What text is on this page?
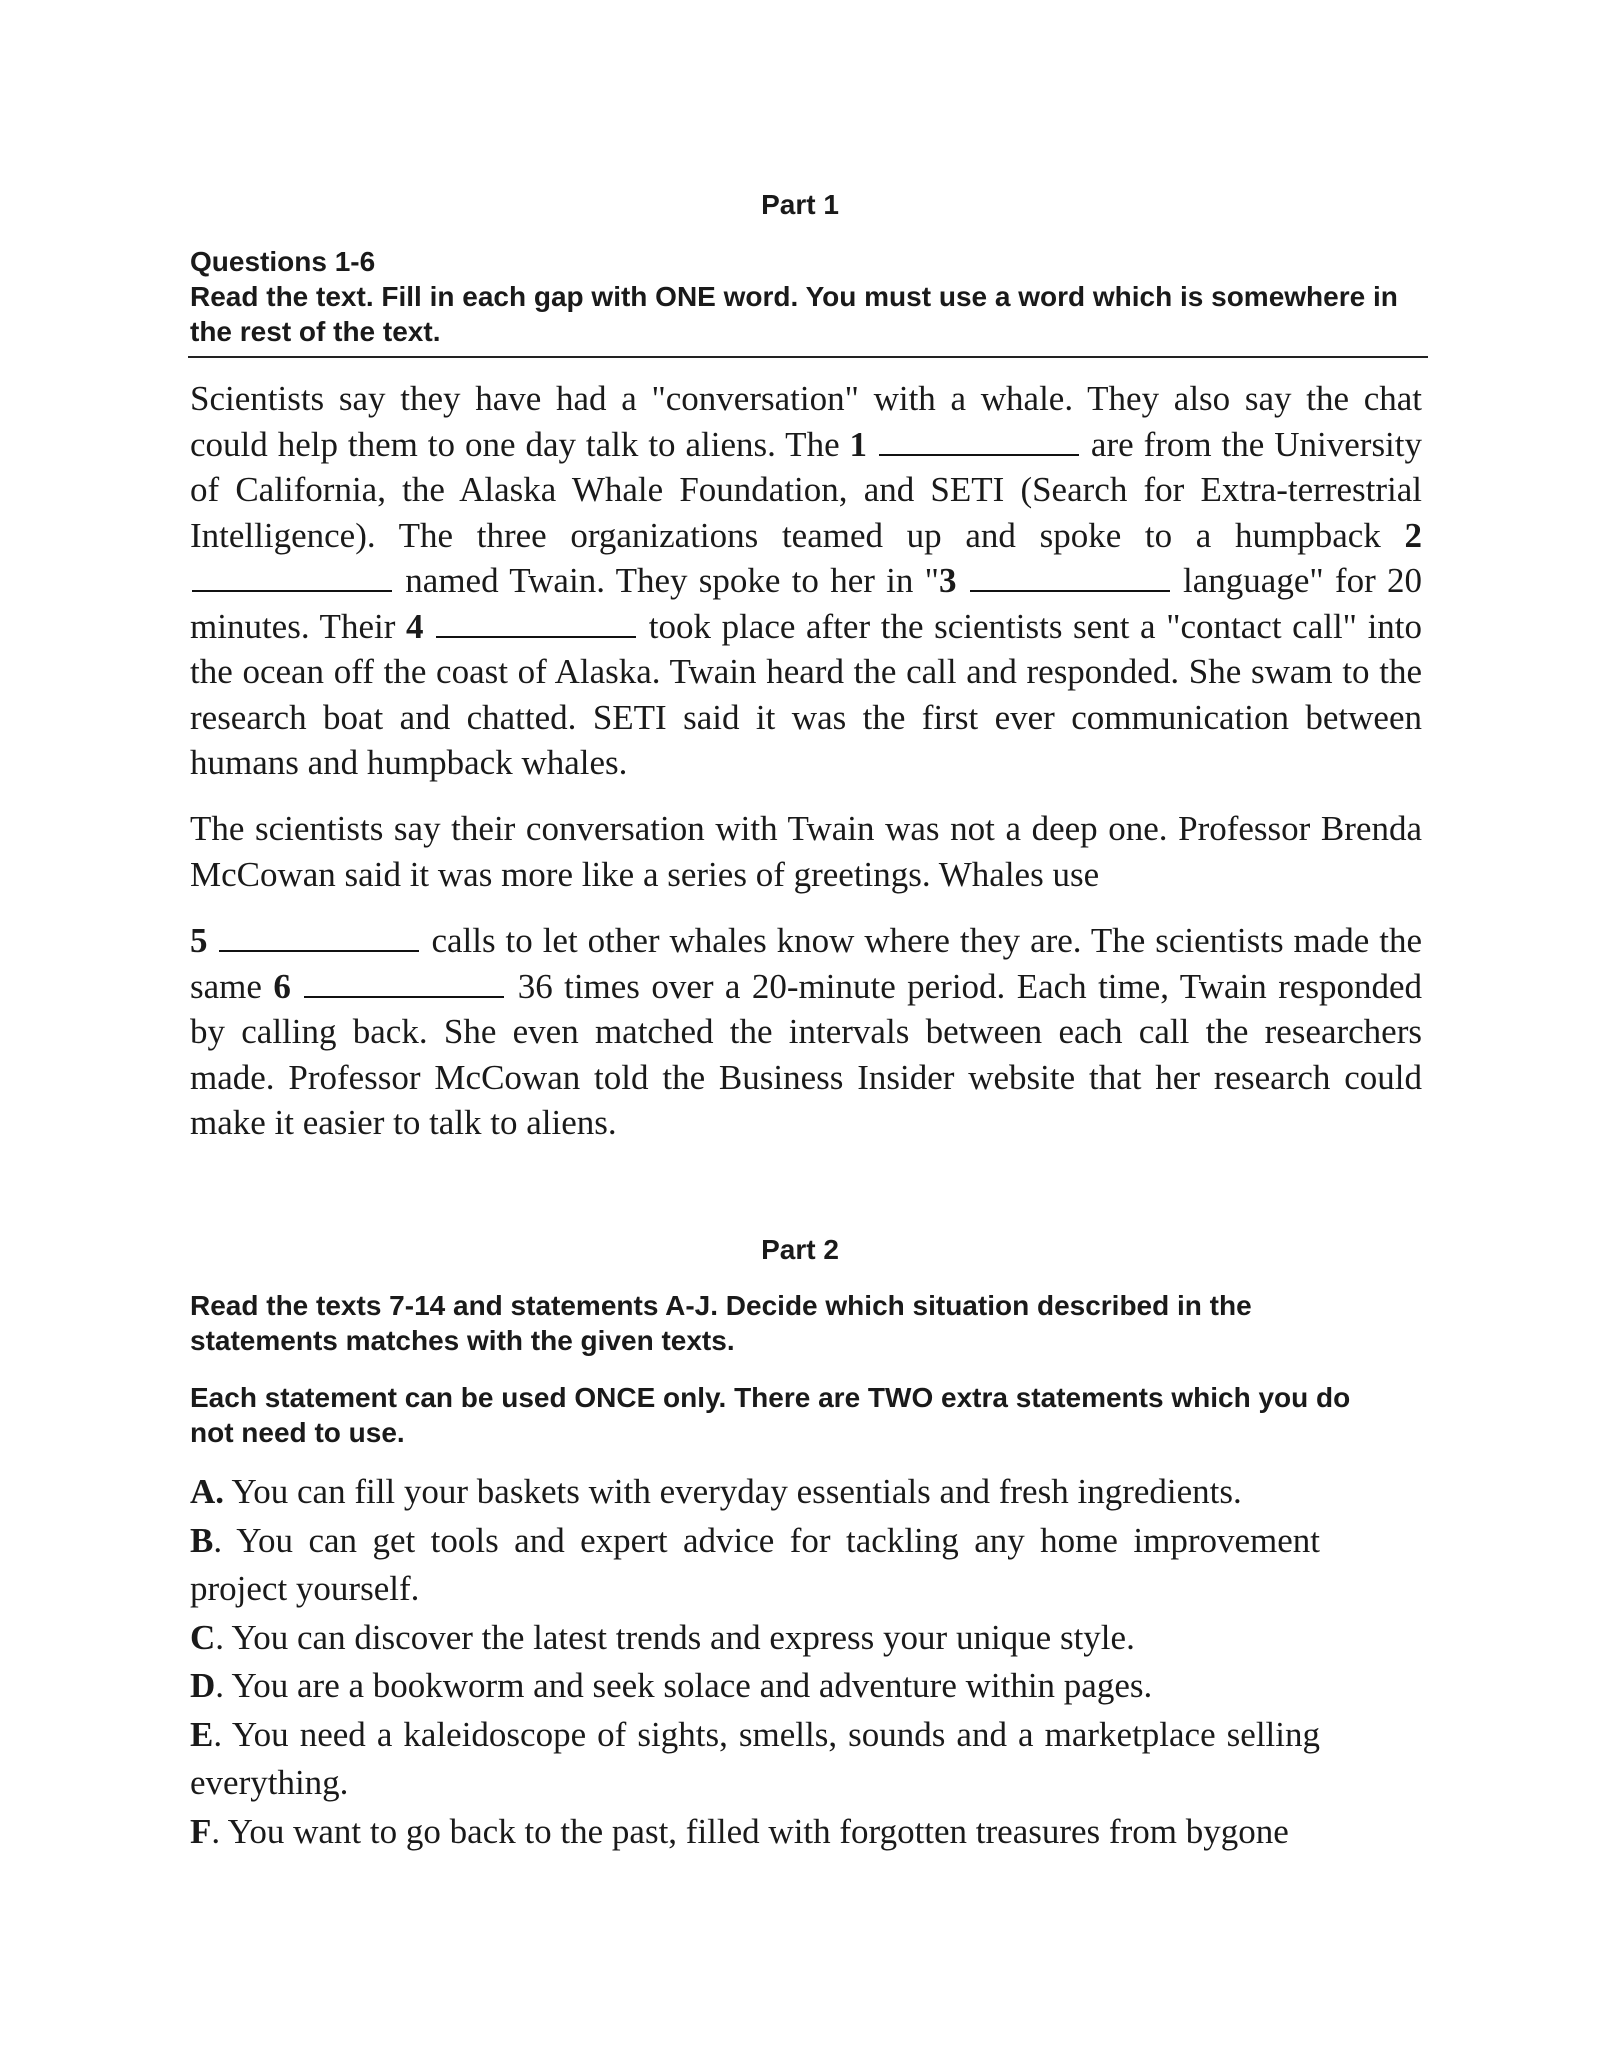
Part 1
Questions 1-6
Read the text. Fill in each gap with ONE word. You must use a word which is somewhere in the rest of the text.

Scientists say they have had a "conversation" with a whale. They also say the chat could help them to one day talk to aliens. The 1	are from the University of California, the Alaska Whale Foundation, and SETI (Search for Extra-terrestrial Intelligence). The three organizations teamed up and spoke to a humpback 2  named Twain. They spoke to her in "3	language" for 20 minutes. Their 4	took place after the scientists sent a "contact call" into the ocean off the coast of Alaska. Twain heard the call and responded. She swam to the research boat and chatted. SETI said it was the first ever communication between humans and humpback whales.

The scientists say their conversation with Twain was not a deep one. Professor Brenda McCowan said it was more like a series of greetings. Whales use

5	calls to let other whales know where they are. The scientists made the same 6	36 times over a 20-minute period. Each time, Twain responded by calling back. She even matched the intervals between each call the researchers made. Professor McCowan told the Business Insider website that her research could make it easier to talk to aliens.

Part 2
Read the texts 7-14 and statements A-J. Decide which situation described in the statements matches with the given texts.
Each statement can be used ONCE only. There are TWO extra statements which you do not need to use.

A. You can fill your baskets with everyday essentials and fresh ingredients.

B. You can get tools and expert advice for tackling any home improvement project yourself.

C. You can discover the latest trends and express your unique style.

D. You are a bookworm and seek solace and adventure within pages.

E. You need a kaleidoscope of sights, smells, sounds and a marketplace selling everything.

F. You want to go back to the past, filled with forgotten treasures from bygone
